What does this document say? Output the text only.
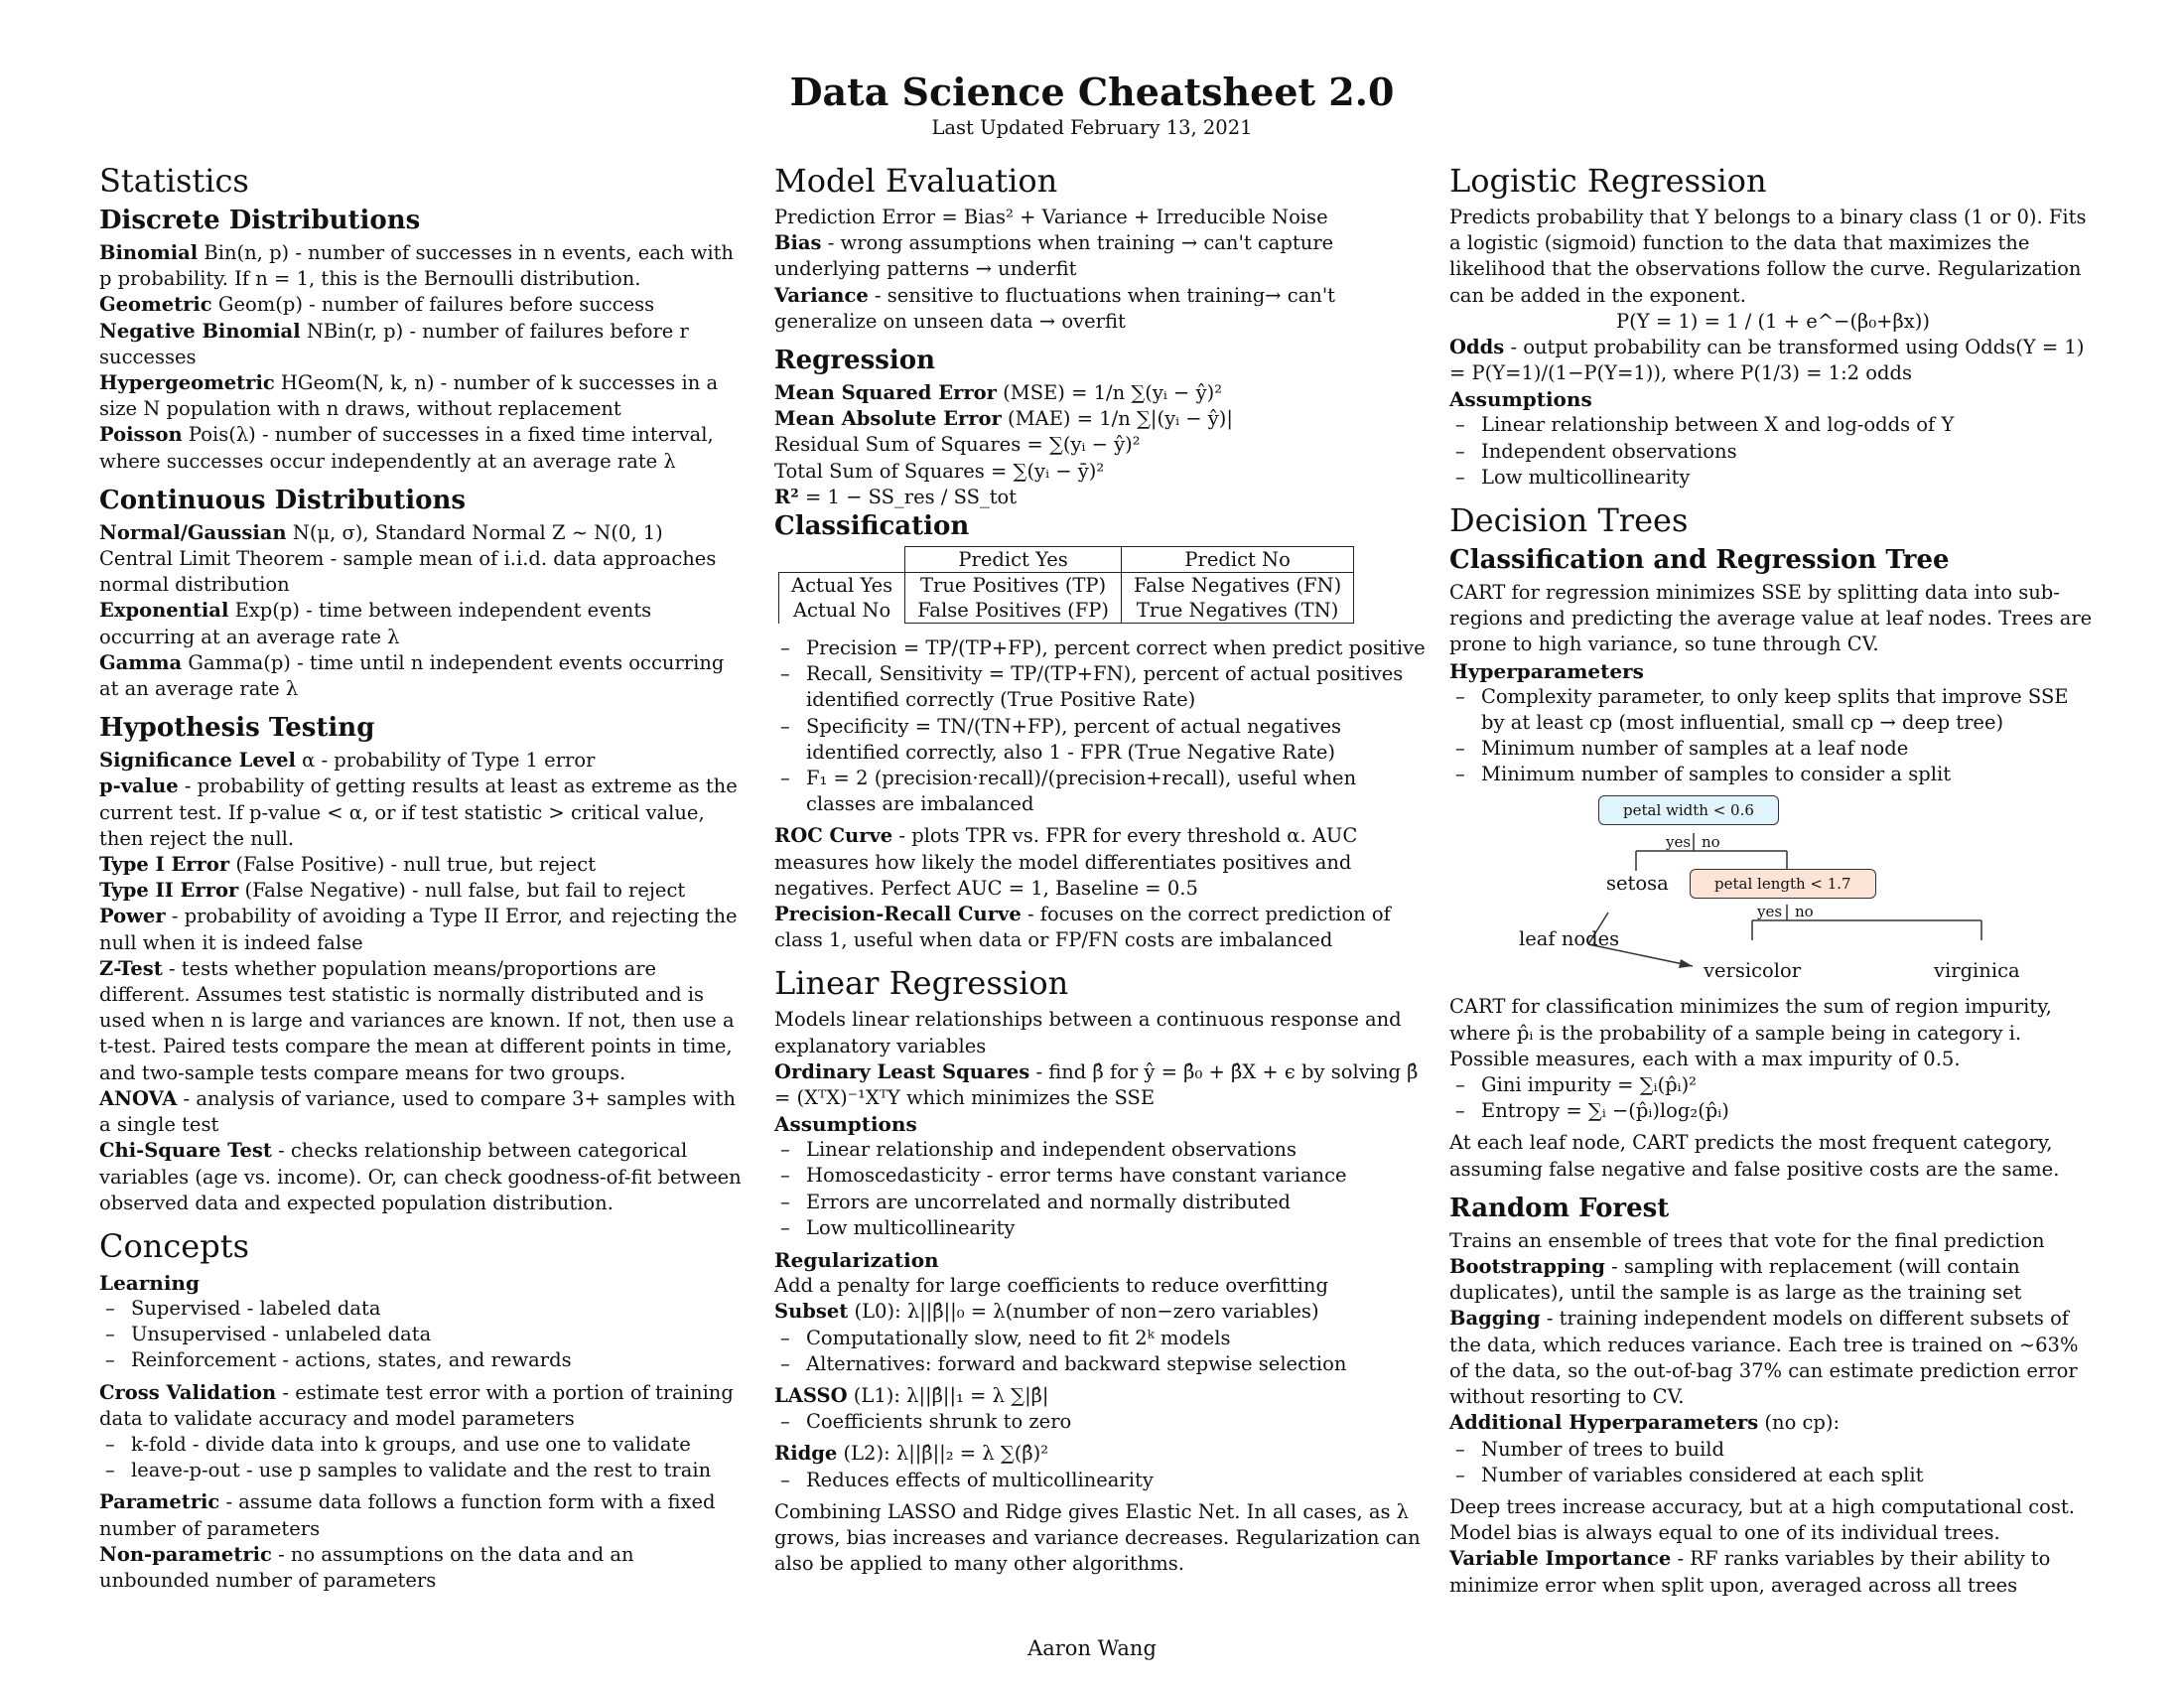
Data Science Cheatsheet 2.0
Last Updated February 13, 2021
Statistics
Discrete Distributions

Binomial Bin(n, p) - number of successes in n events, each with p probability. If n = 1, this is the Bernoulli distribution.

Geometric Geom(p) - number of failures before success

Negative Binomial NBin(r, p) - number of failures before r successes

Hypergeometric HGeom(N, k, n) - number of k successes in a size N population with n draws, without replacement

Poisson Pois(λ) - number of successes in a fixed time interval, where successes occur independently at an average rate λ

Continuous Distributions

Normal/Gaussian N(μ, σ), Standard Normal Z ∼ N(0, 1)

Central Limit Theorem - sample mean of i.i.d. data approaches normal distribution

Exponential Exp(p) - time between independent events occurring at an average rate λ

Gamma Gamma(p) - time until n independent events occurring at an average rate λ

Hypothesis Testing

Significance Level α - probability of Type 1 error

p-value - probability of getting results at least as extreme as the current test. If p-value < α, or if test statistic > critical value, then reject the null.

Type I Error (False Positive) - null true, but reject

Type II Error (False Negative) - null false, but fail to reject

Power - probability of avoiding a Type II Error, and rejecting the null when it is indeed false

Z-Test - tests whether population means/proportions are different. Assumes test statistic is normally distributed and is used when n is large and variances are known. If not, then use a t-test. Paired tests compare the mean at different points in time, and two-sample tests compare means for two groups.

ANOVA - analysis of variance, used to compare 3+ samples with a single test

Chi-Square Test - checks relationship between categorical variables (age vs. income). Or, can check goodness-of-fit between observed data and expected population distribution.

Concepts
Learning
– Supervised - labeled data
– Unsupervised - unlabeled data
– Reinforcement - actions, states, and rewards

Cross Validation - estimate test error with a portion of training data to validate accuracy and model parameters

– k-fold - divide data into k groups, and use one to validate
– leave-p-out - use p samples to validate and the rest to train

Parametric - assume data follows a function form with a fixed number of parameters

Non-parametric - no assumptions on the data and an unbounded number of parameters

Model Evaluation

Prediction Error = Bias² + Variance + Irreducible Noise

Bias - wrong assumptions when training → can't capture underlying patterns → underfit

Variance - sensitive to fluctuations when training→ can't generalize on unseen data → overfit

Regression

Mean Squared Error (MSE) = 1/n ∑(yᵢ − ŷ)²

Mean Absolute Error (MAE) = 1/n ∑|(yᵢ − ŷ)|

Residual Sum of Squares = ∑(yᵢ − ŷ)²

Total Sum of Squares = ∑(yᵢ − ȳ)²

R² = 1 − SS_res / SS_tot

Classification
	Predict Yes	Predict No
Actual Yes	True Positives (TP)	False Negatives (FN)
Actual No	False Positives (FP)	True Negatives (TN)
– Precision = TP/(TP+FP), percent correct when predict positive
– Recall, Sensitivity = TP/(TP+FN), percent of actual positives identified correctly (True Positive Rate)
– Specificity = TN/(TN+FP), percent of actual negatives identified correctly, also 1 - FPR (True Negative Rate)
– F₁ = 2 (precision·recall)/(precision+recall), useful when classes are imbalanced

ROC Curve - plots TPR vs. FPR for every threshold α. AUC measures how likely the model differentiates positives and negatives. Perfect AUC = 1, Baseline = 0.5

Precision-Recall Curve - focuses on the correct prediction of class 1, useful when data or FP/FN costs are imbalanced

Linear Regression

Models linear relationships between a continuous response and explanatory variables

Ordinary Least Squares - find β̂ for ŷ = β̂₀ + β̂X + ϵ by solving β̂ = (XᵀX)⁻¹XᵀY which minimizes the SSE

Assumptions
– Linear relationship and independent observations
– Homoscedasticity - error terms have constant variance
– Errors are uncorrelated and normally distributed
– Low multicollinearity
Regularization

Add a penalty for large coefficients to reduce overfitting

Subset (L0): λ||β̂||₀ = λ(number of non−zero variables)

– Computationally slow, need to fit 2ᵏ models
– Alternatives: forward and backward stepwise selection

LASSO (L1): λ||β̂||₁ = λ ∑|β̂|

– Coefficients shrunk to zero

Ridge (L2): λ||β̂||₂ = λ ∑(β̂)²

– Reduces effects of multicollinearity

Combining LASSO and Ridge gives Elastic Net. In all cases, as λ grows, bias increases and variance decreases. Regularization can also be applied to many other algorithms.

Logistic Regression

Predicts probability that Y belongs to a binary class (1 or 0). Fits a logistic (sigmoid) function to the data that maximizes the likelihood that the observations follow the curve. Regularization can be added in the exponent.

P(Y = 1) = 1 / (1 + e^−(β₀+βx))

Odds - output probability can be transformed using Odds(Y = 1) = P(Y=1)/(1−P(Y=1)), where P(1/3) = 1:2 odds

Assumptions
– Linear relationship between X and log-odds of Y
– Independent observations
– Low multicollinearity
Decision Trees
Classification and Regression Tree

CART for regression minimizes SSE by splitting data into sub-regions and predicting the average value at leaf nodes. Trees are prone to high variance, so tune through CV.

Hyperparameters
– Complexity parameter, to only keep splits that improve SSE by at least cp (most influential, small cp → deep tree)
– Minimum number of samples at a leaf node
– Minimum number of samples to consider a split
petal width < 0.6
yes no
setosa	petal length < 1.7
yes no
leaf nodes
versicolor	virginica

CART for classification minimizes the sum of region impurity, where p̂ᵢ is the probability of a sample being in category i. Possible measures, each with a max impurity of 0.5.

– Gini impurity = ∑ᵢ(p̂ᵢ)²
– Entropy = ∑ᵢ −(p̂ᵢ)log₂(p̂ᵢ)

At each leaf node, CART predicts the most frequent category, assuming false negative and false positive costs are the same.

Random Forest

Trains an ensemble of trees that vote for the final prediction

Bootstrapping - sampling with replacement (will contain duplicates), until the sample is as large as the training set

Bagging - training independent models on different subsets of the data, which reduces variance. Each tree is trained on ∼63% of the data, so the out-of-bag 37% can estimate prediction error without resorting to CV.

Additional Hyperparameters (no cp):

– Number of trees to build
– Number of variables considered at each split

Deep trees increase accuracy, but at a high computational cost. Model bias is always equal to one of its individual trees.

Variable Importance - RF ranks variables by their ability to minimize error when split upon, averaged across all trees

Aaron Wang
